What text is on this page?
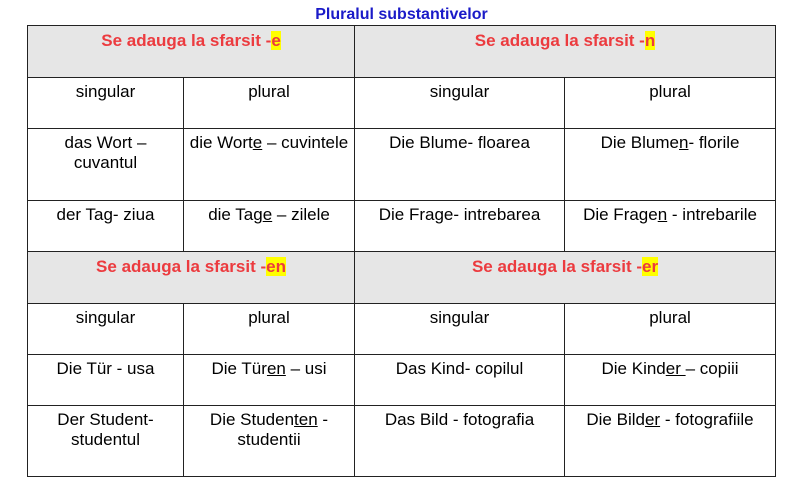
Pluralul substantivelor
Se adauga la sfarsit -e		Se adauga la sfarsit -n	
singular	plural	singular	plural
das Wort – cuvantul	die Worte – cuvintele	Die Blume- floarea	Die Blumen- florile
der Tag- ziua	die Tage – zilele	Die Frage- intrebarea	Die Fragen - intrebarile
Se adauga la sfarsit -en		Se adauga la sfarsit -er	
singular	plural	singular	plural
Die Tür - usa	Die Türen – usi	Das Kind- copilul	Die Kinder – copiii
Der Student- studentul	Die Studenten - studentii	Das Bild - fotografia	Die Bilder - fotografiile
